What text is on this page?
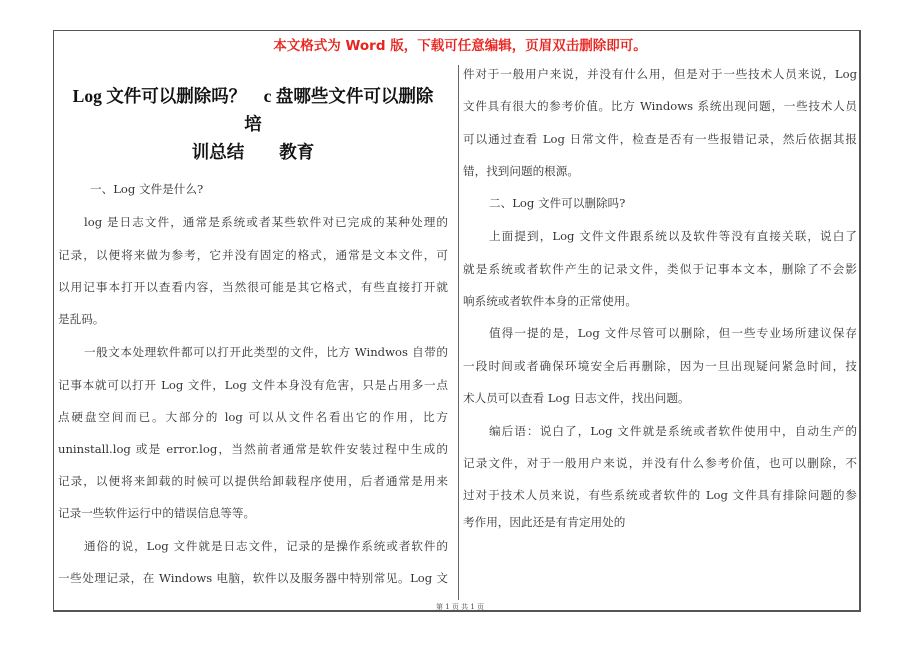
本文格式为 Word 版，下载可任意编辑，页眉双击删除即可。
Log 文件可以删除吗？　c 盘哪些文件可以删除　培
训总结　　教育
一、Log 文件是什么?
log 是日志文件，通常是系统或者某些软件对已完成的某种处理的
记录，以便将来做为参考，它并没有固定的格式，通常是文本文件，可
以用记事本打开以查看内容，当然很可能是其它格式，有些直接打开就
是乱码。
一般文本处理软件都可以打开此类型的文件，比方 Windwos 自带的
记事本就可以打开 Log 文件，Log 文件本身没有危害，只是占用多一点
点硬盘空间而已。大部分的 log 可以从文件名看出它的作用，比方
uninstall.log 或是 error.log，当然前者通常是软件安装过程中生成的
记录，以便将来卸载的时候可以提供给卸载程序使用，后者通常是用来
记录一些软件运行中的错误信息等等。
通俗的说，Log 文件就是日志文件，记录的是操作系统或者软件的
一些处理记录，在 Windows 电脑，软件以及服务器中特别常见。Log 文
件对于一般用户来说，并没有什么用，但是对于一些技术人员来说，Log
文件具有很大的参考价值。比方 Windows 系统出现问题，一些技术人员
可以通过查看 Log 日常文件，检查是否有一些报错记录，然后依据其报
错，找到问题的根源。
二、Log 文件可以删除吗?
上面提到，Log 文件文件跟系统以及软件等没有直接关联，说白了
就是系统或者软件产生的记录文件，类似于记事本文本，删除了不会影
响系统或者软件本身的正常使用。
值得一提的是，Log 文件尽管可以删除，但一些专业场所建议保存
一段时间或者确保环境安全后再删除，因为一旦出现疑问紧急时间，技
术人员可以查看 Log 日志文件，找出问题。
编后语：说白了，Log 文件就是系统或者软件使用中，自动生产的
记录文件，对于一般用户来说，并没有什么参考价值，也可以删除，不
过对于技术人员来说，有些系统或者软件的 Log 文件具有排除问题的参
考作用，因此还是有肯定用处的
第 1 页 共 1 页
